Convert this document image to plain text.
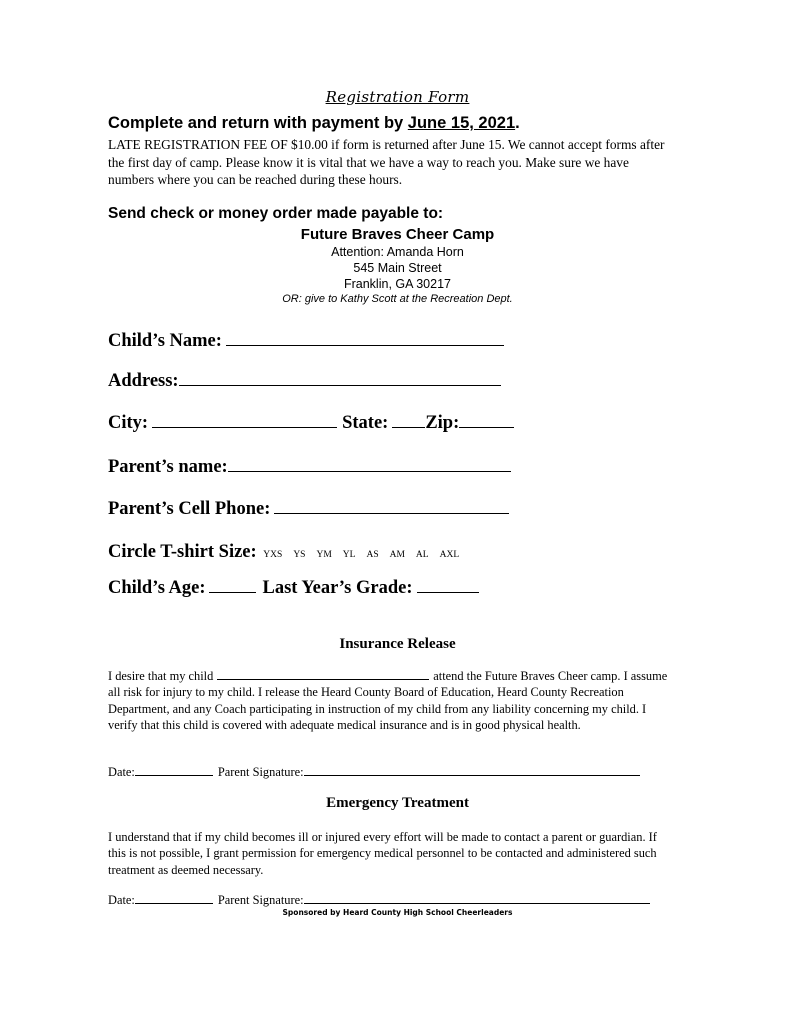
Registration Form
Complete and return with payment by June 15, 2021.
LATE REGISTRATION FEE OF $10.00 if form is returned after June 15. We cannot accept forms after the first day of camp. Please know it is vital that we have a way to reach you. Make sure we have numbers where you can be reached during these hours.
Send check or money order made payable to:
Future Braves Cheer Camp
Attention: Amanda Horn
545 Main Street
Franklin, GA 30217
OR: give to Kathy Scott at the Recreation Dept.
Child’s Name:
Address:
City:	State: Zip:
Parent’s name:
Parent’s Cell Phone:
Circle T-shirt Size: YXS YS YM YL AS AM AL AXL
Child’s Age:	Last Year’s Grade:
Insurance Release
I desire that my child	attend the Future Braves Cheer camp. I assume all risk for injury to my child. I release the Heard County Board of Education, Heard County Recreation Department, and any Coach participating in instruction of my child from any liability concerning my child. I verify that this child is covered with adequate medical insurance and is in good physical health.
Date:	Parent Signature:
Emergency Treatment
I understand that if my child becomes ill or injured every effort will be made to contact a parent or guardian. If this is not possible, I grant permission for emergency medical personnel to be contacted and administered such treatment as deemed necessary.
Date:	Parent Signature:
Sponsored by Heard County High School Cheerleaders
